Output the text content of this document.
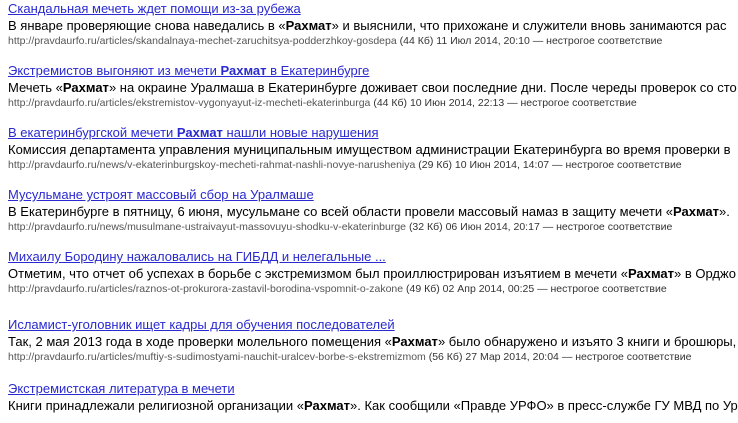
Скандальная мечеть ждет помощи из-за рубежа
В январе проверяющие снова наведались в «Рахмат» и выяснили, что прихожане и служители вновь занимаются рас
http://pravdaurfo.ru/articles/skandalnaya-mechet-zaruchitsya-podderzhkoy-gosdepa (44 Кб) 11 Июл 2014, 20:10 — нестрогое соответствие
Экстремистов выгоняют из мечети Рахмат в Екатеринбурге
Мечеть «Рахмат» на окраине Уралмаша в Екатеринбурге доживает свои последние дни. После череды проверок со сто
http://pravdaurfo.ru/articles/ekstremistov-vygonyayut-iz-mecheti-ekaterinburga (44 Кб) 10 Июн 2014, 22:13 — нестрогое соответствие
В екатеринбургской мечети Рахмат нашли новые нарушения
Комиссия департамента управления муниципальным имуществом администрации Екатеринбурга во время проверки в
http://pravdaurfo.ru/news/v-ekaterinburgskoy-mecheti-rahmat-nashli-novye-narusheniya (29 Кб) 10 Июн 2014, 14:07 — нестрогое соответствие
Мусульмане устроят массовый сбор на Уралмаше
В Екатеринбурге в пятницу, 6 июня, мусульмане со всей области провели массовый намаз в защиту мечети «Рахмат».
http://pravdaurfo.ru/news/musulmane-ustraivayut-massovuyu-shodku-v-ekaterinburge (32 Кб) 06 Июн 2014, 20:17 — нестрогое соответствие
Михаилу Бородину нажаловались на ГИБДД и нелегальные ...
Отметим, что отчет об успехах в борьбе с экстремизмом был проиллюстрирован изъятием в мечети «Рахмат» в Орджо
http://pravdaurfo.ru/articles/raznos-ot-prokurora-zastavil-borodina-vspomnit-o-zakone (49 Кб) 02 Апр 2014, 00:25 — нестрогое соответствие
Исламист-уголовник ищет кадры для обучения последователей
Так, 2 мая 2013 года в ходе проверки молельного помещения «Рахмат» было обнаружено и изъято 3 книги и брошюры,
http://pravdaurfo.ru/articles/muftiy-s-sudimostyami-nauchit-uralcev-borbe-s-ekstremizmom (56 Кб) 27 Мар 2014, 20:04 — нестрогое соответствие
Экстремистская литература в мечети
Книги принадлежали религиозной организации «Рахмат». Как сообщили «Правде УРФО» в пресс-службе ГУ МВД по Ур
